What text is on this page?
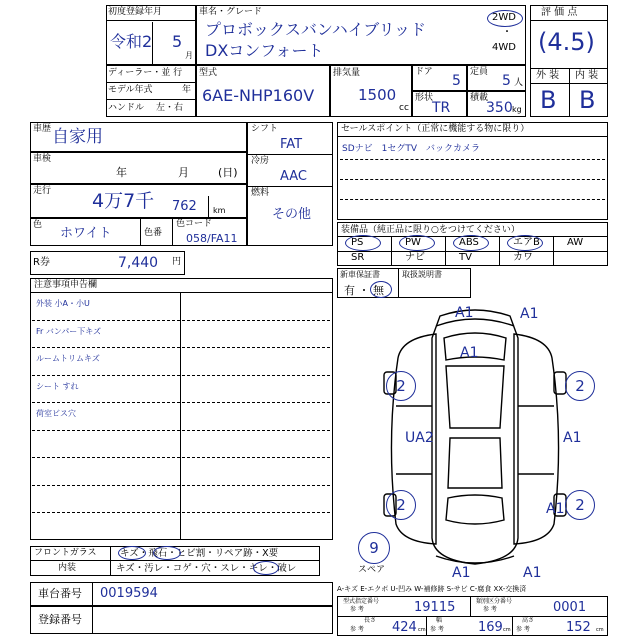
初度登録年月
令和2 5
月
車名・グレード
プロボックスバンハイブリッド
DXコンフォート
2WD
・
4WD
評 価 点
(4.5)
外 装 内 装
B B
ディーラー・並 行
モデル年式	年
ハンドル 左・右
型式
6AE-NHP160V
排気量
1500
cc
ドア
5
定員
5 人
形状
TR
積載
350 kg
車歴 自家用
車検
年	月	(日)
走行 4万7千 762 km
色
ホワイト	色番
色コード
058/FA11
シフト
FAT
冷房
AAC
燃料
その他
R券	7,440 円
セールスポイント（正常に機能する物に限り）
SDナビ　1セグTV　バックカメラ
装備品（純正品に限り○をつけてください）
PS	PW	ABS	エアB	AW
SR	ナビ	TV	カワ
新車保証書	取扱説明書
有 ・ 無
注意事項申告欄
外装 小A・小U
Fr バンパー下キズ
ルームトリムキズ
シート すれ
荷室ビス穴
フロントガラス キズ・飛石・ヒビ割・リペア跡・X要
内装	キズ・汚レ・コゲ・穴・スレ・キレ・破レ
車台番号 0019594
登録番号
A1	A1
A1
2	2
UA2	A1
2	2
A1
A1	A1
9
スペア
A-キズ E-エクボ U-凹み W-補修跡 S-サビ C-腐食 XX-交換済
型式指定番号
参 考	19115	類別区分番号
参 考	0001
長さ
参 考 424 cm
幅
参 考	169 cm
高さ
参 考	152 cm
